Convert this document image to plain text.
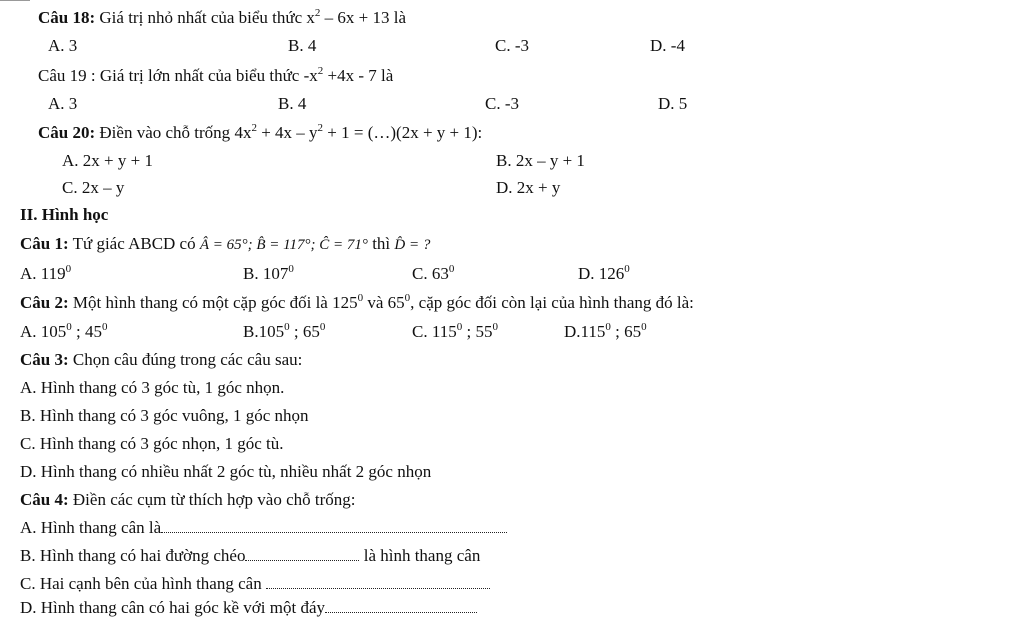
Câu 18: Giá trị nhỏ nhất của biểu thức $x^2 - 6x + 13$ là
A. 3	B. 4	C. -3	D. -4
Câu 19 : Giá trị lớn nhất của biểu thức $-x^2 +4x - 7$ là
A. 3	B. 4	C. -3	D. 5
Câu 20: Điền vào chỗ trống $4x^2 + 4x - y^2 + 1$ = (…)(2x + y + 1):
A. 2x + y + 1	B. 2x – y + 1
C. 2x – y	D. 2x + y
II. Hình học
Câu 1: Tứ giác ABCD có Â = 65°; B̂ = 117°; Ĉ = 71° thì D̂ = ?
A. $119^0$	B. $107^0$	C. $63^0$	D. $126^0$
Câu 2: Một hình thang có một cặp góc đối là $125^0$ và $65^0$, cặp góc đối còn lại của hình thang đó là:
A. $105^0$ ; $45^0$	B.105$^0$ ; $65^0$	C. $115^0$ ; $55^0$	D.115$^0$ ; $65^0$
Câu 3: Chọn câu đúng trong các câu sau:
A. Hình thang có 3 góc tù, 1 góc nhọn.
B. Hình thang có 3 góc vuông, 1 góc nhọn
C. Hình thang có 3 góc nhọn, 1 góc tù.
D. Hình thang có nhiều nhất 2 góc tù, nhiều nhất 2 góc nhọn
Câu 4: Điền các cụm từ thích hợp vào chỗ trống:
A. Hình thang cân là
B. Hình thang có hai đường chéo	là hình thang cân
C. Hai cạnh bên của hình thang cân
D. Hình thang cân có hai góc kề với một đáy
